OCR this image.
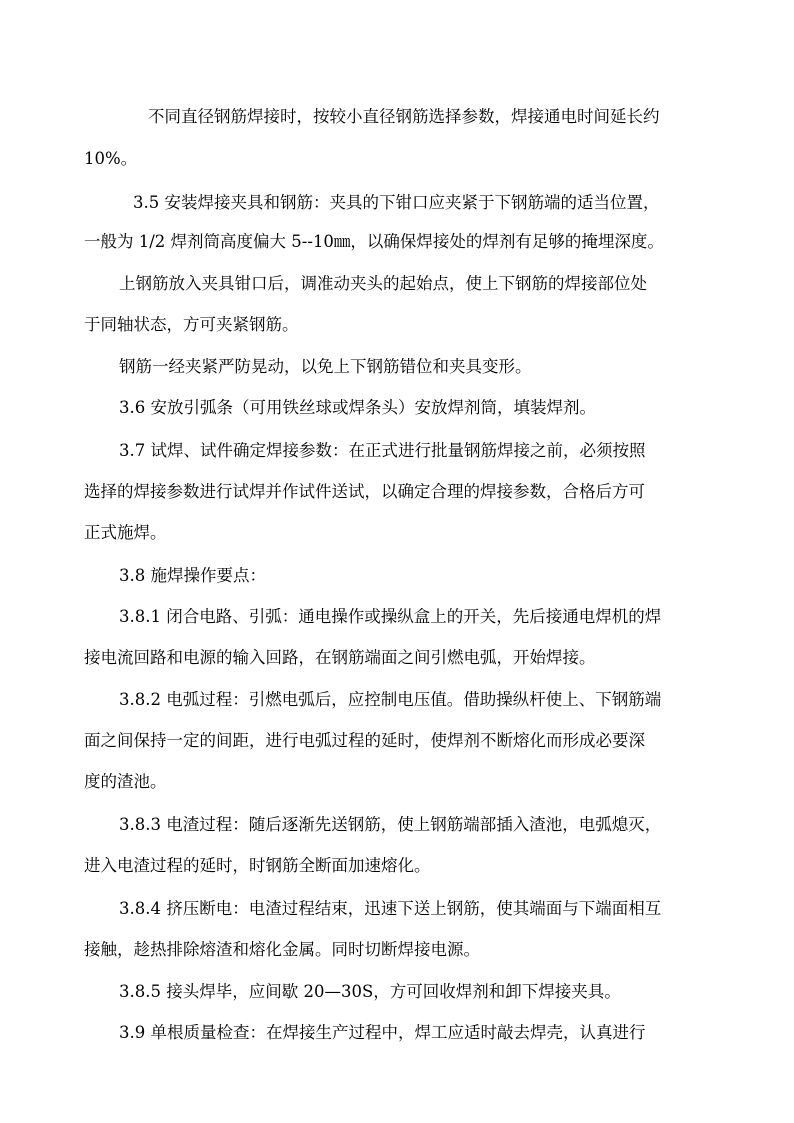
不同直径钢筋焊接时，按较小直径钢筋选择参数，焊接通电时间延长约

10%。

3.5 安装焊接夹具和钢筋：夹具的下钳口应夹紧于下钢筋端的适当位置，

一般为 1/2 焊剂筒高度偏大 5--10㎜，以确保焊接处的焊剂有足够的掩埋深度。

上钢筋放入夹具钳口后，调准动夹头的起始点，使上下钢筋的焊接部位处

于同轴状态，方可夹紧钢筋。

钢筋一经夹紧严防晃动，以免上下钢筋错位和夹具变形。

3.6 安放引弧条（可用铁丝球或焊条头）安放焊剂筒，填装焊剂。

3.7 试焊、试件确定焊接参数：在正式进行批量钢筋焊接之前，必须按照

选择的焊接参数进行试焊并作试件送试，以确定合理的焊接参数，合格后方可

正式施焊。

3.8 施焊操作要点：

3.8.1 闭合电路、引弧：通电操作或操纵盒上的开关，先后接通电焊机的焊

接电流回路和电源的输入回路，在钢筋端面之间引燃电弧，开始焊接。

3.8.2 电弧过程：引燃电弧后，应控制电压值。借助操纵杆使上、下钢筋端

面之间保持一定的间距，进行电弧过程的延时，使焊剂不断熔化而形成必要深

度的渣池。

3.8.3 电渣过程：随后逐渐先送钢筋，使上钢筋端部插入渣池，电弧熄灭，

进入电渣过程的延时，时钢筋全断面加速熔化。

3.8.4 挤压断电：电渣过程结束，迅速下送上钢筋，使其端面与下端面相互

接触，趁热排除熔渣和熔化金属。同时切断焊接电源。

3.8.5 接头焊毕，应间歇 20—30S，方可回收焊剂和卸下焊接夹具。

3.9 单根质量检查：在焊接生产过程中，焊工应适时敲去焊壳，认真进行
